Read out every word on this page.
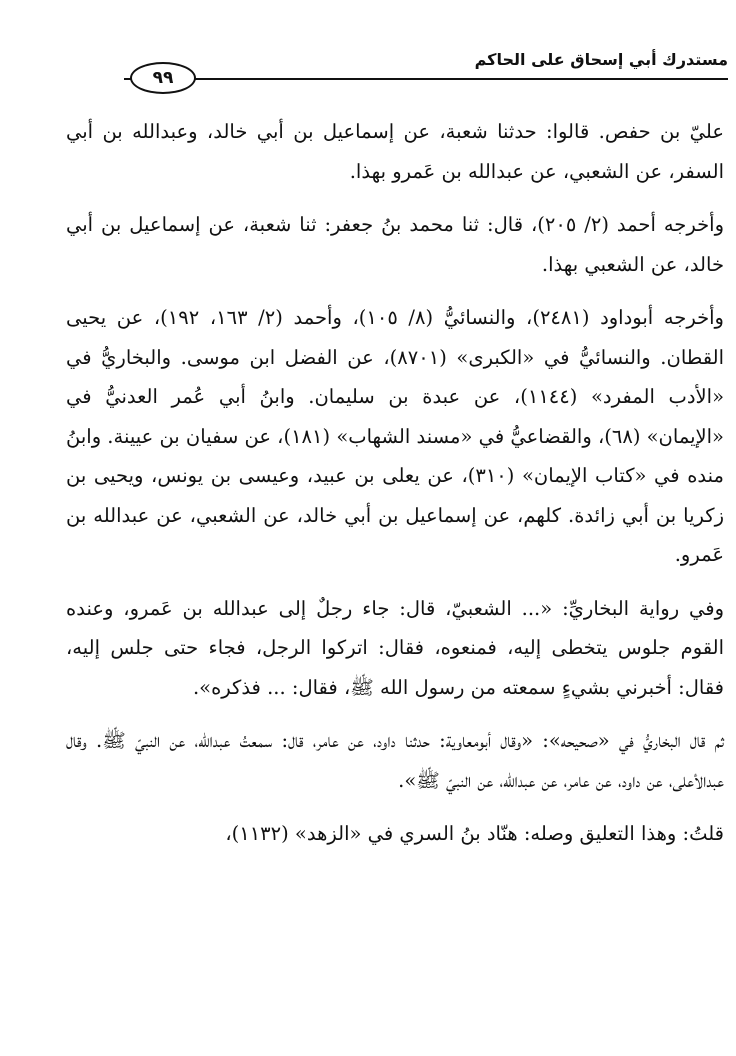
مستدرك أبي إسحاق على الحاكم
٩٩

عليّ بن حفص. قالوا: حدثنا شعبة، عن إسماعيل بن أبي خالد، وعبدالله بن أبي السفر، عن الشعبي، عن عبدالله بن عَمرو بهذا.

وأخرجه أحمد (٢/ ٢٠٥)، قال: ثنا محمد بنُ جعفر: ثنا شعبة، عن إسماعيل بن أبي خالد، عن الشعبي بهذا.

وأخرجه أبوداود (٢٤٨١)، والنسائيُّ (٨/ ١٠٥)، وأحمد (٢/ ١٦٣، ١٩٢)، عن يحيى القطان. والنسائيُّ في «الكبرى» (٨٧٠١)، عن الفضل ابن موسى. والبخاريُّ في «الأدب المفرد» (١١٤٤)، عن عبدة بن سليمان. وابنُ أبي عُمر العدنيُّ في «الإيمان» (٦٨)، والقضاعيُّ في «مسند الشهاب» (١٨١)، عن سفيان بن عيينة. وابنُ منده في «كتاب الإيمان» (٣١٠)، عن يعلى بن عبيد، وعيسى بن يونس، ويحيى بن زكريا بن أبي زائدة. كلهم، عن إسماعيل بن أبي خالد، عن الشعبي، عن عبدالله بن عَمرو.

وفي رواية البخاريِّ: «... الشعبيّ، قال: جاء رجلٌ إلى عبدالله بن عَمرو، وعنده القوم جلوس يتخطى إليه، فمنعوه، فقال: اتركوا الرجل، فجاء حتى جلس إليه، فقال: أخبرني بشيءٍ سمعته من رسول الله ﷺ، فقال: ... فذكره».

ثم قال البخاريُّ في «صحيحه»: «وقال أبومعاوية: حدثنا داود، عن عامر، قال: سمعتُ عبدالله، عن النبيّ ﷺ. وقال عبدالأعلى، عن داود، عن عامر، عن عبدالله، عن النبيّ ﷺ».

قلتُ: وهذا التعليق وصله: هنّاد بنُ السري في «الزهد» (١١٣٢)،
